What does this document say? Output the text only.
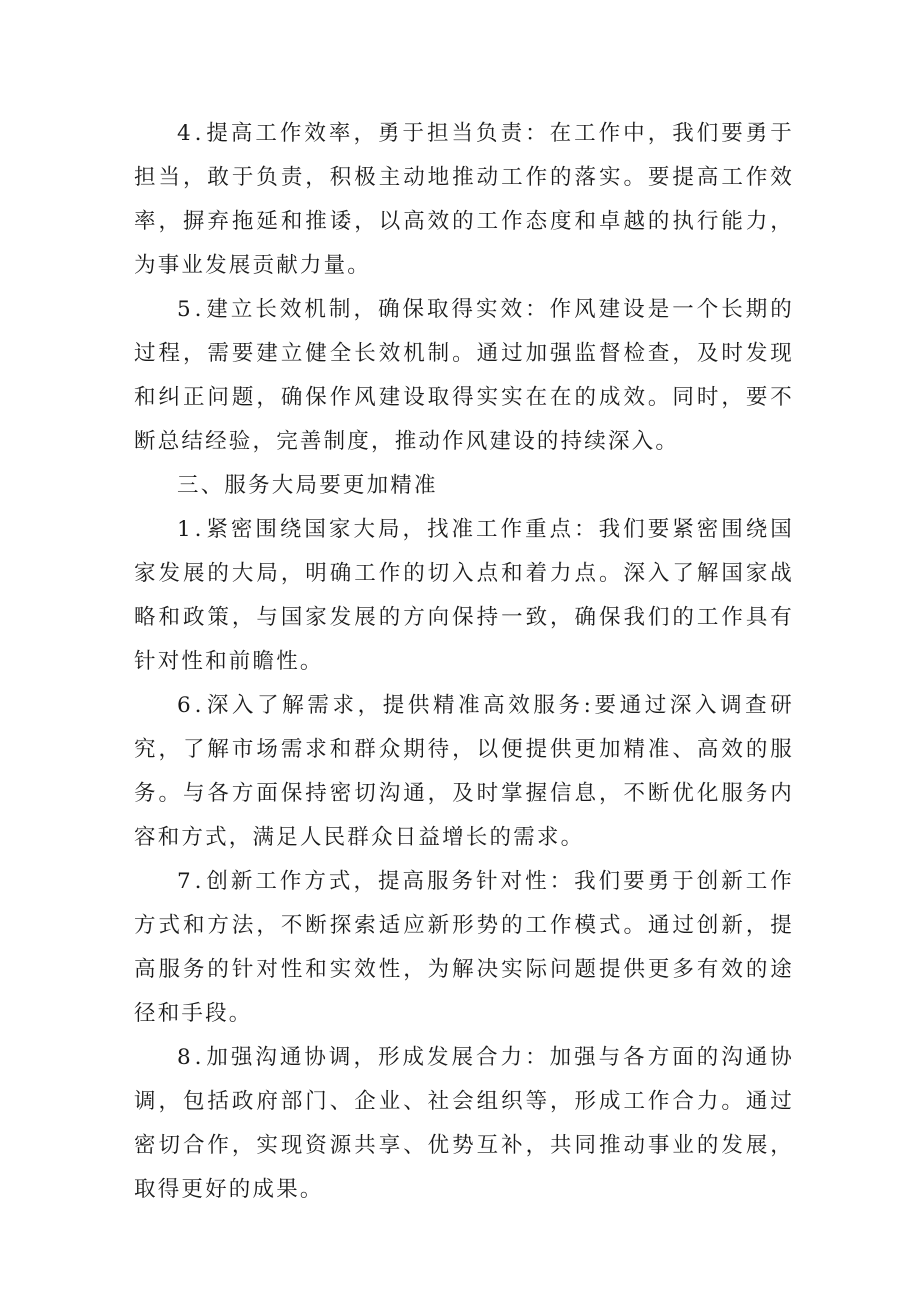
4.提高工作效率，勇于担当负责：在工作中，我们要勇于担当，敢于负责，积极主动地推动工作的落实。要提高工作效率，摒弃拖延和推诿，以高效的工作态度和卓越的执行能力，为事业发展贡献力量。

5.建立长效机制，确保取得实效：作风建设是一个长期的过程，需要建立健全长效机制。通过加强监督检查，及时发现和纠正问题，确保作风建设取得实实在在的成效。同时，要不断总结经验，完善制度，推动作风建设的持续深入。

三、服务大局要更加精准

1.紧密围绕国家大局，找准工作重点：我们要紧密围绕国家发展的大局，明确工作的切入点和着力点。深入了解国家战略和政策，与国家发展的方向保持一致，确保我们的工作具有针对性和前瞻性。

6.深入了解需求，提供精准高效服务:要通过深入调查研究，了解市场需求和群众期待，以便提供更加精准、高效的服务。与各方面保持密切沟通，及时掌握信息，不断优化服务内容和方式，满足人民群众日益增长的需求。

7.创新工作方式，提高服务针对性：我们要勇于创新工作方式和方法，不断探索适应新形势的工作模式。通过创新，提高服务的针对性和实效性，为解决实际问题提供更多有效的途径和手段。

8.加强沟通协调，形成发展合力：加强与各方面的沟通协调，包括政府部门、企业、社会组织等，形成工作合力。通过密切合作，实现资源共享、优势互补，共同推动事业的发展，取得更好的成果。
